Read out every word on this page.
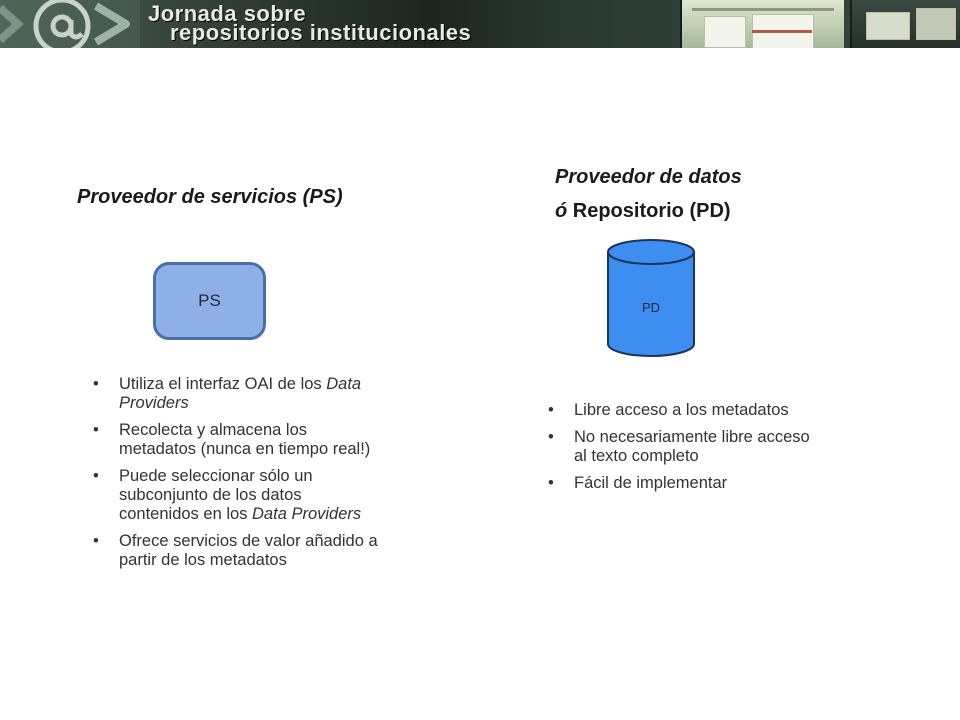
Jornada sobre
repositorios institucionales
Proveedor de servicios (PS)
Proveedor de datos
ó Repositorio (PD)
PS	PD
• Utiliza el interfaz OAI de los Data Providers
• Recolecta y almacena los metadatos (nunca en tiempo real!)
• Puede seleccionar sólo un subconjunto de los datos contenidos en los Data Providers
• Ofrece servicios de valor añadido a partir de los metadatos
• Libre acceso a los metadatos
• No necesariamente libre acceso al texto completo
• Fácil de implementar
